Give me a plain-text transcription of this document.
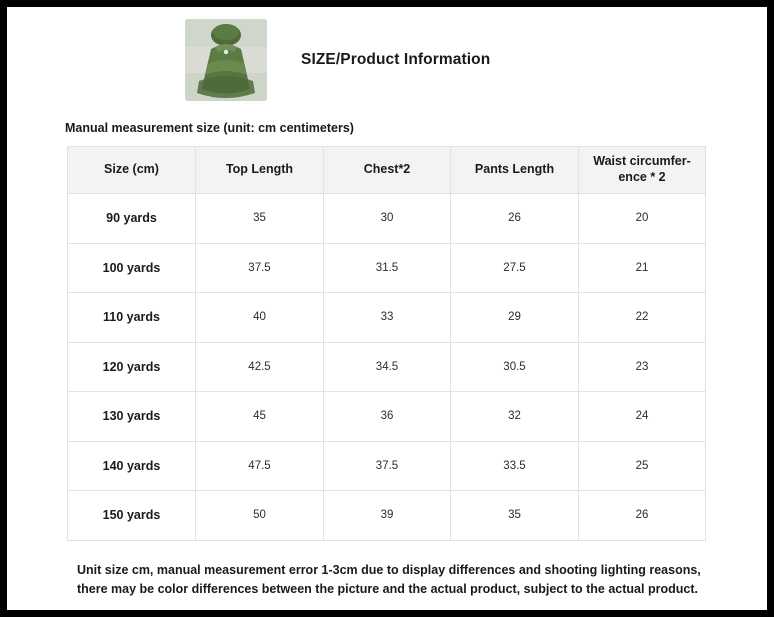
SIZE/Product Information
Manual measurement size (unit: cm centimeters)
Size (cm)	Top Length	Chest*2	Pants Length	Waist circumfer-ence * 2
90 yards	35	30	26	20
100 yards	37.5	31.5	27.5	21
110 yards	40	33	29	22
120 yards	42.5	34.5	30.5	23
130 yards	45	36	32	24
140 yards	47.5	37.5	33.5	25
150 yards	50	39	35	26
Unit size cm, manual measurement error 1-3cm due to display differences and shooting lighting reasons, there may be color differences between the picture and the actual product, subject to the actual product.
